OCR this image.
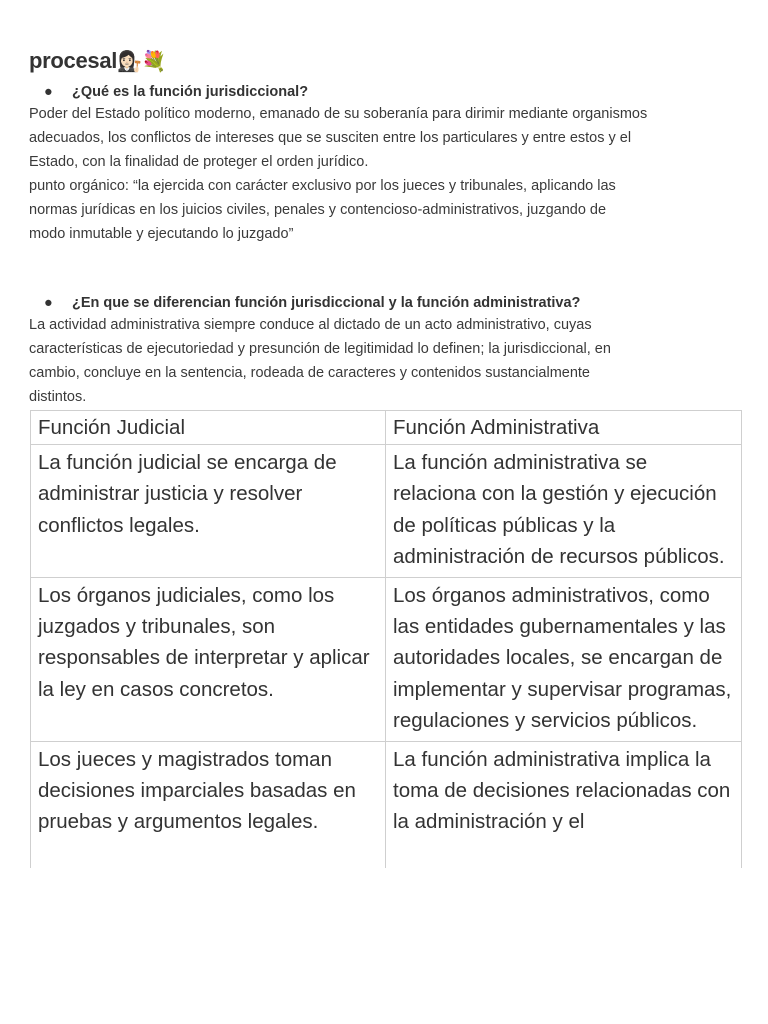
procesal👩🏻‍⚖️💐
● ¿Qué es la función jurisdiccional?
Poder del Estado político moderno, emanado de su soberanía para dirimir mediante organismos
adecuados, los conflictos de intereses que se susciten entre los particulares y entre estos y el
Estado, con la finalidad de proteger el orden jurídico.
punto orgánico: “la ejercida con carácter exclusivo por los jueces y tribunales, aplicando las
normas jurídicas en los juicios civiles, penales y contencioso-administrativos, juzgando de
modo inmutable y ejecutando lo juzgado”
● ¿En que se diferencian función jurisdiccional y la función administrativa?
La actividad administrativa siempre conduce al dictado de un acto administrativo, cuyas
características de ejecutoriedad y presunción de legitimidad lo definen; la jurisdiccional, en
cambio, concluye en la sentencia, rodeada de caracteres y contenidos sustancialmente
distintos.
Función Judicial	Función Administrativa
La función judicial se encarga de administrar justicia y resolver conflictos legales.	La función administrativa se relaciona con la gestión y ejecución de políticas públicas y la administración de recursos públicos.
Los órganos judiciales, como los juzgados y tribunales, son responsables de interpretar y aplicar la ley en casos concretos.	Los órganos administrativos, como las entidades gubernamentales y las autoridades locales, se encargan de implementar y supervisar programas, regulaciones y servicios públicos.
Los jueces y magistrados toman decisiones imparciales basadas en pruebas y argumentos legales.	La función administrativa implica la toma de decisiones relacionadas con la administración y el
